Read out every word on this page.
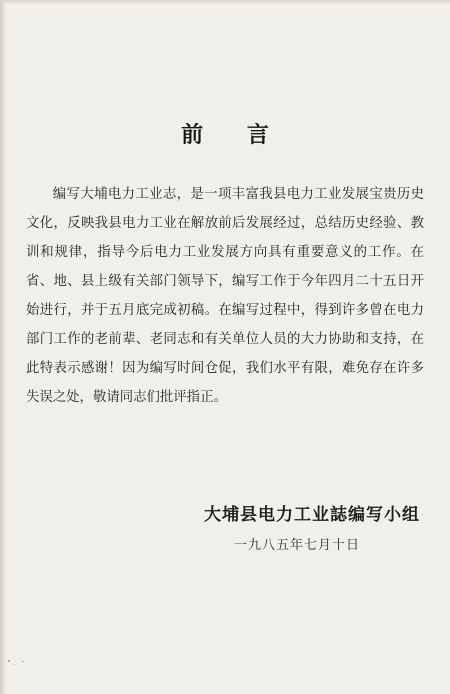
前 言

编写大埔电力工业志，是一项丰富我县电力工业发展宝贵历史文化，反映我县电力工业在解放前后发展经过，总结历史经验、教训和规律，指导今后电力工业发展方向具有重要意义的工作。在省、地、县上级有关部门领导下，编写工作于今年四月二十五日开始进行，并于五月底完成初稿。在编写过程中，得到许多曾在电力部门工作的老前辈、老同志和有关单位人员的大力协助和支持，在此特表示感谢！因为编写时间仓促，我们水平有限，难免存在许多失误之处，敬请同志们批评指正。

大埔县电力工业誌编写小组
一九八五年七月十日
